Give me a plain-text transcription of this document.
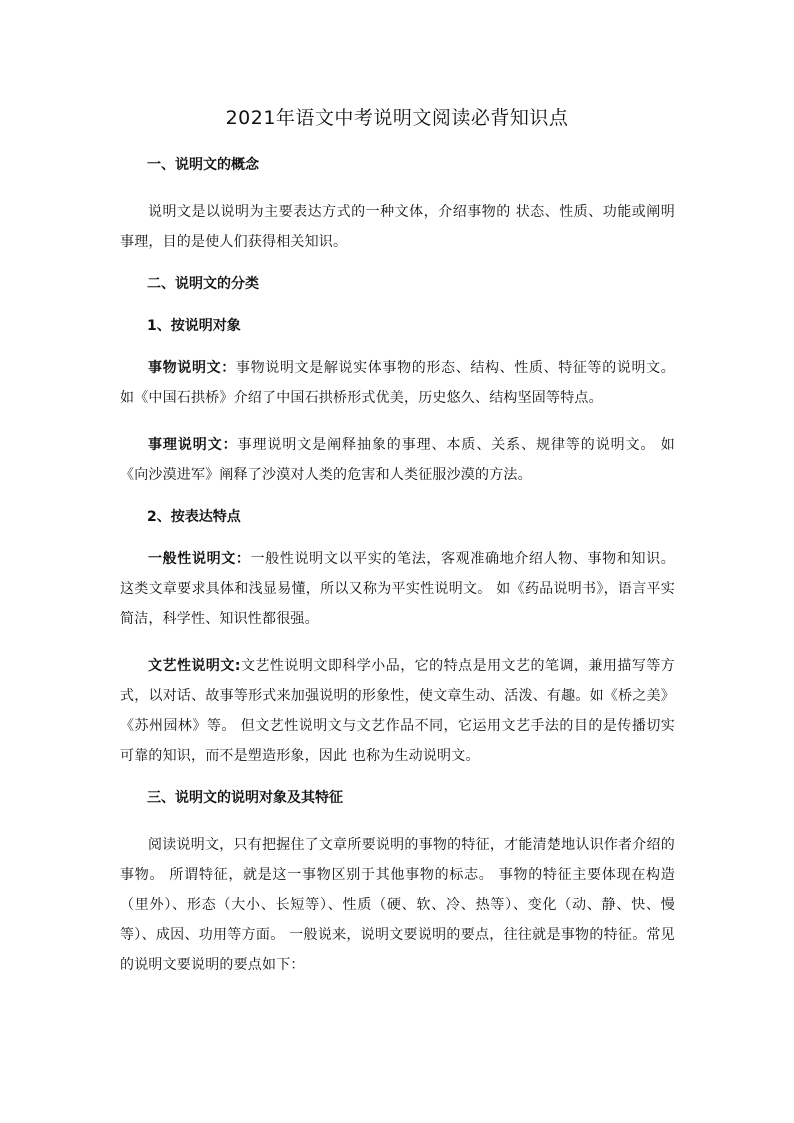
2021年语文中考说明文阅读必背知识点
一、说明文的概念

说明文是以说明为主要表达方式的一种文体，介绍事物的 状态、性质、功能或阐明事理，目的是使人们获得相关知识。

二、说明文的分类
1、按说明对象

事物说明文：事物说明文是解说实体事物的形态、结构、性质、特征等的说明文。 如《中国石拱桥》介绍了中国石拱桥形式优美，历史悠久、结构坚固等特点。

事理说明文：事理说明文是阐释抽象的事理、本质、关系、规律等的说明文。 如《向沙漠进军》阐释了沙漠对人类的危害和人类征服沙漠的方法。

2、按表达特点

一般性说明文：一般性说明文以平实的笔法，客观准确地介绍人物、事物和知识。 这类文章要求具体和浅显易懂，所以又称为平实性说明文。 如《药品说明书》，语言平实简洁，科学性、知识性都很强。

文艺性说明文:文艺性说明文即科学小品，它的特点是用文艺的笔调，兼用描写等方式，以对话、故事等形式来加强说明的形象性，使文章生动、活泼、有趣。如《桥之美》《苏州园林》等。 但文艺性说明文与文艺作品不同，它运用文艺手法的目的是传播切实可靠的知识，而不是塑造形象，因此 也称为生动说明文。

三、说明文的说明对象及其特征

阅读说明文，只有把握住了文章所要说明的事物的特征，才能清楚地认识作者介绍的事物。 所谓特征，就是这一事物区别于其他事物的标志。 事物的特征主要体现在构造（里外）、形态（大小、长短等）、性质（硬、软、冷、热等）、变化（动、静、快、慢 等）、成因、功用等方面。 一般说来，说明文要说明的要点，往往就是事物的特征。常见的说明文要说明的要点如下：
